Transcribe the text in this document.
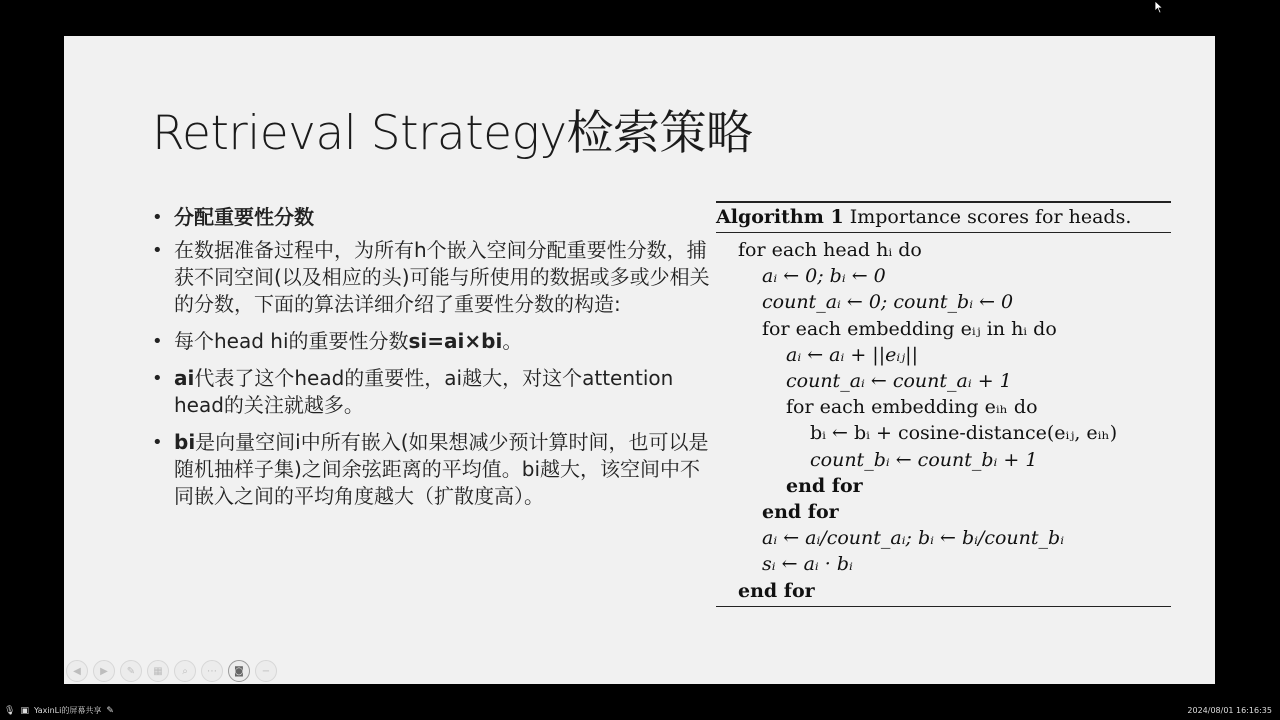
Retrieval Strategy检索策略
• 分配重要性分数
• 在数据准备过程中，为所有h个嵌入空间分配重要性分数，捕获不同空间(以及相应的头)可能与所使用的数据或多或少相关的分数，下面的算法详细介绍了重要性分数的构造:
• 每个head hi的重要性分数si=ai×bi。
• ai代表了这个head的重要性，ai越大，对这个attention head的关注就越多。
• bi是向量空间i中所有嵌入(如果想减少预计算时间，也可以是随机抽样子集)之间余弦距离的平均值。bi越大，该空间中不同嵌入之间的平均角度越大（扩散度高）。
Algorithm 1 Importance scores for heads.
for each head hᵢ do
aᵢ ← 0; bᵢ ← 0
count_aᵢ ← 0; count_bᵢ ← 0
for each embedding eᵢⱼ in hᵢ do
aᵢ ← aᵢ + ||eᵢⱼ||
count_aᵢ ← count_aᵢ + 1
for each embedding eᵢₕ do
bᵢ ← bᵢ + cosine-distance(eᵢⱼ, eᵢₕ)
count_bᵢ ← count_bᵢ + 1
end for
end for
aᵢ ← aᵢ/count_aᵢ; bᵢ ← bᵢ/count_bᵢ
sᵢ ← aᵢ · bᵢ
end for
◀	▶	✎	▦	⌕	⋯	◙	−
🎙 ▣ YaxinLi的屏幕共享 ✎	2024/08/01 16:16:35
